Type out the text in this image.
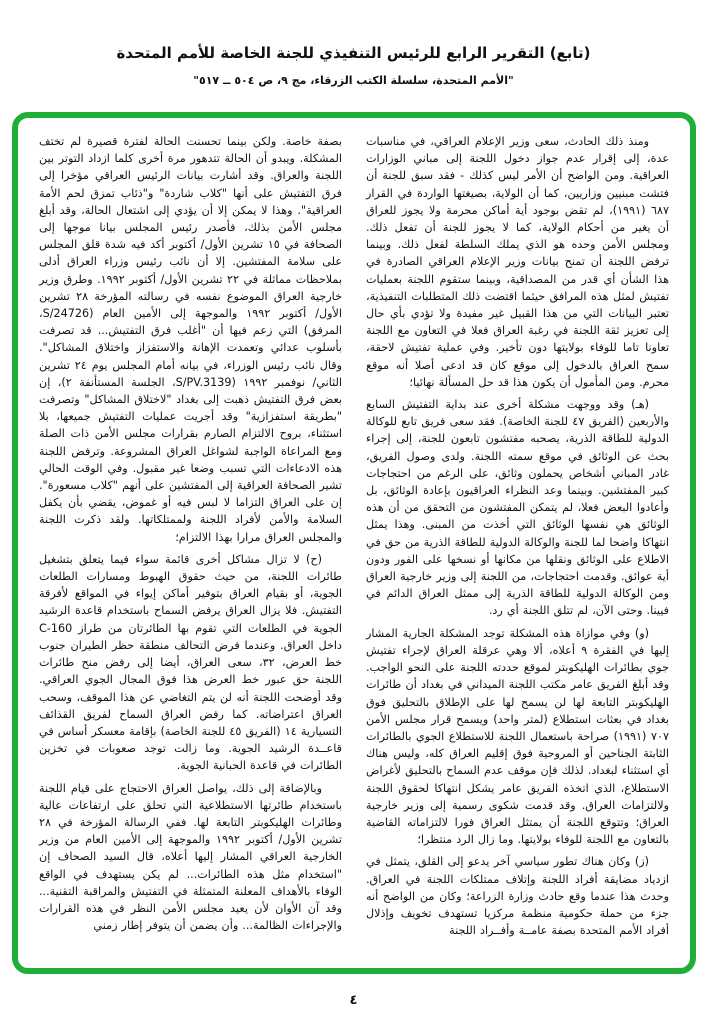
(تابع) التقرير الرابع للرئيس التنفيذي للجنة الخاصة للأمم المتحدة
"الأمم المتحدة، سلسلة الكتب الزرقاء، مج ٩، ص ٥٠٤ ــ ٥١٧"

ومنذ ذلك الحادث، سعى وزير الإعلام العراقي، في مناسبات عدة، إلى إقرار عدم جواز دخول اللجنة إلى مباني الوزارات العراقية. ومن الواضح أن الأمر ليس كذلك - فقد سبق للجنة أن فتشت مبنيين وزاريين، كما أن الولاية، بصيغتها الواردة في القرار ٦٨٧ (١٩٩١)، لم تقض بوجود أية أماكن محرمة ولا يجوز للعراق أن يغير من أحكام الولاية، كما لا يجوز للجنة أن تفعل ذلك. ومجلس الأمن وحده هو الذي يملك السلطة لفعل ذلك. وبينما ترفض اللجنة أن تمنح بيانات وزير الإعلام العراقي الصادرة في هذا الشأن أي قدر من المصداقية، وبينما ستقوم اللجنة بعمليات تفتيش لمثل هذه المرافق حيثما اقتضت ذلك المتطلبات التنفيذية، تعتبر البيانات التي من هذا القبيل غير مفيدة ولا تؤدي بأي حال إلى تعزيز ثقة اللجنة في رغبة العراق فعلا في التعاون مع اللجنة تعاونا تاما للوفاء بولايتها دون تأخير. وفي عملية تفتيش لاحقة، سمح العراق بالدخول إلى موقع كان قد ادعى أصلا أنه موقع محرم. ومن المأمول أن يكون هذا قد حل المسألة نهائيا؛

(هـ) وقد ووجهت مشكلة أخرى عند بداية التفتيش السابع والأربعين (الفريق ٤٧ للجنة الخاصة). فقد سعى فريق تابع للوكالة الدولية للطاقة الذرية، يصحبه مفتشون تابعون للجنة، إلى إجراء بحث عن الوثائق في موقع سمته اللجنة. ولدى وصول الفريق، غادر المباني أشخاص يحملون وثائق، على الرغم من احتجاجات كبير المفتشين. وبينما وعد النظراء العراقيون بإعادة الوثائق، بل وأعادوا البعض فعلا، لم يتمكن المفتشون من التحقق من أن هذه الوثائق هي نفسها الوثائق التي أخذت من المبنى. وهذا يمثل انتهاكا واضحا لما للجنة والوكالة الدولية للطاقة الذرية من حق في الاطلاع على الوثائق ونقلها من مكانها أو نسخها على الفور ودون أية عوائق. وقدمت احتجاجات، من اللجنة إلى وزير خارجية العراق ومن الوكالة الدولية للطاقة الذرية إلى ممثل العراق الدائم في فيينا. وحتى الآن، لم تتلق اللجنة أي رد.

(و) وفي موازاة هذه المشكلة توجد المشكلة الجارية المشار إليها في الفقرة ٩ أعلاه، ألا وهي عرقلة العراق لإجراء تفتيش جوي بطائرات الهليكوبتر لموقع حددته اللجنة على النحو الواجب. وقد أبلغ الفريق عامر مكتب اللجنة الميداني في بغداد أن طائرات الهليكوبتر التابعة لها لن يسمح لها على الإطلاق بالتحليق فوق بغداد في بعثات استطلاع (لمتر واحد) ويسمح قرار مجلس الأمن ٧٠٧ (١٩٩١) صراحة باستعمال اللجنة للاستطلاع الجوي بالطائرات الثابتة الجناحين أو المروحية فوق إقليم العراق كله، وليس هناك أي استثناء لبغداد. لذلك فإن موقف عدم السماح بالتحليق لأغراض الاستطلاع، الذي اتخذه الفريق عامر يشكل انتهاكا لحقوق اللجنة ولالتزامات العراق. وقد قدمت شكوى رسمية إلى وزير خارجية العراق؛ وتتوقع اللجنة أن يمتثل العراق فورا لالتزاماته القاضية بالتعاون مع اللجنة للوفاء بولايتها. وما زال الرد منتظرا؛

(ز) وكان هناك تطور سياسي آخر يدعو إلى القلق، يتمثل في ازدياد مضايقة أفراد اللجنة وإتلاف ممتلكات اللجنة في العراق. وحدث هذا عندما وقع حادث وزارة الزراعة؛ وكان من الواضح أنه جزء من حملة حكومية منظمة مركزيا تستهدف تخويف وإذلال أفراد الأمم المتحدة بصفة عامــة وأفــراد اللجنة

بصفة خاصة. ولكن بينما تحسنت الحالة لفترة قصيرة لم تختف المشكلة. ويبدو أن الحالة تتدهور مرة أخرى كلما ازداد التوتر بين اللجنة والعراق. وقد أشارت بيانات الرئيس العراقي مؤخرا إلى فرق التفتيش على أنها "كلاب شاردة" و"ذئاب تمزق لحم الأمة العراقية". وهذا لا يمكن إلا أن يؤدي إلى اشتعال الحالة، وقد أبلغ مجلس الأمن بذلك، فأصدر رئيس المجلس بيانا موجها إلى الصحافة في ١٥ تشرين الأول/ أكتوبر أكد فيه شدة قلق المجلس على سلامة المفتشين. إلا أن نائب رئيس وزراء العراق أدلى بملاحظات مماثلة في ٢٢ تشرين الأول/ أكتوبر ١٩٩٢. وطرق وزير خارجية العراق الموضوع نفسه في رسالته المؤرخة ٢٨ تشرين الأول/ أكتوبر ١٩٩٢ والموجهة إلى الأمين العام (S/24726، المرفق) التي زعم فيها أن "أغلب فرق التفتيش... قد تصرفت بأسلوب عدائي وتعمدت الإهانة والاستفزاز واختلاق المشاكل". وقال نائب رئيس الوزراء، في بيانه أمام المجلس يوم ٢٤ تشرين الثاني/ نوفمبر ١٩٩٢ (S/PV.3139، الجلسة المستأنفة ٢)، إن بعض فرق التفتيش ذهبت إلى بغداد "لاختلاق المشاكل" وتصرفت "بطريقة استفزازية" وقد أجريت عمليات التفتيش جميعها، بلا استثناء، بروح الالتزام الصارم بقرارات مجلس الأمن ذات الصلة ومع المراعاة الواجبة لشواغل العراق المشروعة. وترفض اللجنة هذه الادعاءات التي تسبب وضعا غير مقبول. وفي الوقت الحالي تشير الصحافة العراقية إلى المفتشين على أنهم "كلاب مسعورة". إن على العراق التزاما لا لبس فيه أو غموض، يقضي بأن يكفل السلامة والأمن لأفراد اللجنة ولممتلكاتها. ولقد ذكرت اللجنة والمجلس العراق مرارا بهذا الالتزام؛

(ح) لا تزال مشاكل أخرى قائمة سواء فيما يتعلق بتشغيل طائرات اللجنة، من حيث حقوق الهبوط ومسارات الطلعات الجوية، أو بقيام العراق بتوفير أماكن إيواء في المواقع لأفرقة التفتيش. فلا يزال العراق يرفض السماح باستخدام قاعدة الرشيد الجوية في الطلعات التي تقوم بها الطائرتان من طراز C-160 داخل العراق. وعندما فرض التحالف منطقة حظر الطيران جنوب خط العرض، ٣٢، سعى العراق، أيضا إلى رفض منح طائرات اللجنة حق عبور خط العرض هذا فوق المجال الجوي العراقي. وقد أوضحت اللجنة أنه لن يتم التغاضي عن هذا الموقف، وسحب العراق اعتراضاته. كما رفض العراق السماح لفريق القذائف التسيارية ١٤ (الفريق ٤٥ للجنة الخاصة) بإقامة معسكر أساس في قاعــدة الرشيد الجوية. وما زالت توجد صعوبات في تخزين الطائرات في قاعدة الحبانية الجوية.

وبالإضافة إلى ذلك، يواصل العراق الاحتجاج على قيام اللجنة باستخدام طائرتها الاستطلاعية التي تحلق على ارتفاعات عالية وطائرات الهليكوبتر التابعة لها. ففي الرسالة المؤرخة في ٢٨ تشرين الأول/ أكتوبر ١٩٩٢ والموجهة إلى الأمين العام من وزير الخارجية العراقي المشار إليها أعلاه، قال السيد الصحاف إن "استخدام مثل هذه الطائرات... لم يكن يستهدف في الواقع الوفاء بالأهداف المعلنة المتمثلة في التفتيش والمراقبة التقنية... وقد آن الأوان لأن يعيد مجلس الأمن النظر في هذه القرارات والإجراءات الظالمة... وأن يضمن أن يتوفر إطار زمني

٤
